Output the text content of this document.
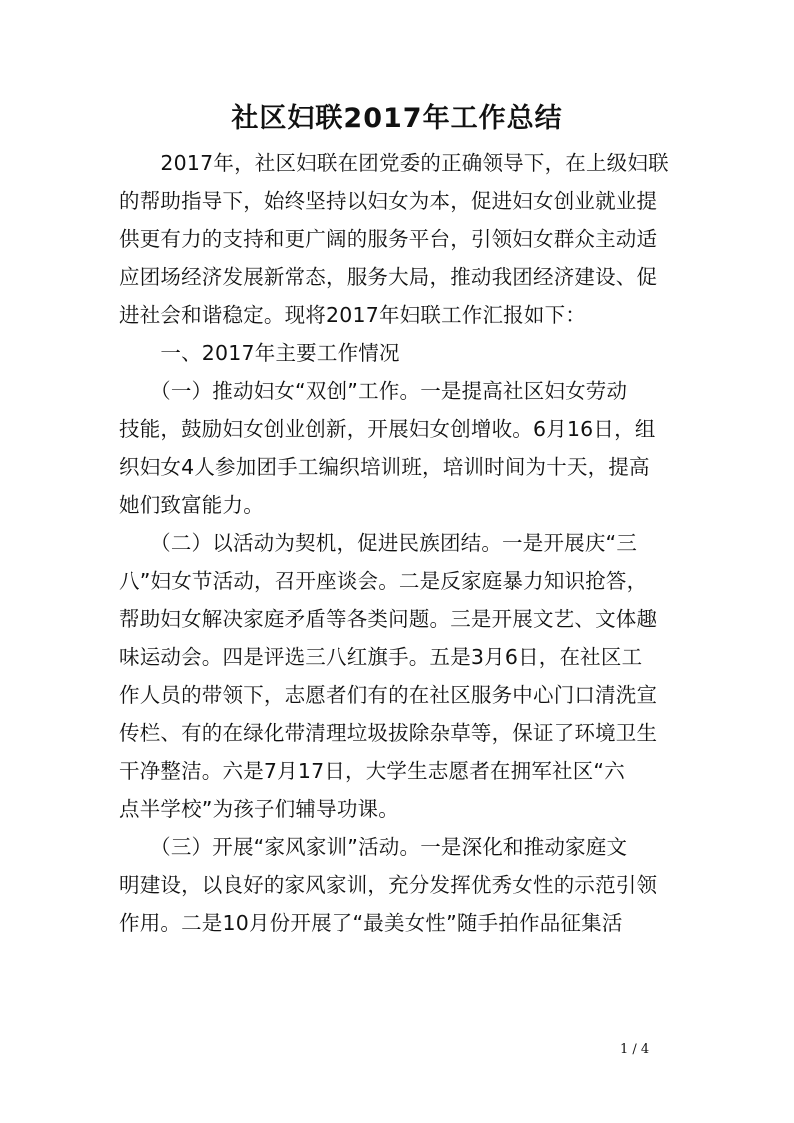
社区妇联2017年工作总结
　　2017年，社区妇联在团党委的正确领导下，在上级妇联
的帮助指导下，始终坚持以妇女为本，促进妇女创业就业提
供更有力的支持和更广阔的服务平台，引领妇女群众主动适
应团场经济发展新常态，服务大局，推动我团经济建设、促
进社会和谐稳定。现将2017年妇联工作汇报如下：
　　一、2017年主要工作情况
　　（一）推动妇女“双创”工作。一是提高社区妇女劳动
技能，鼓励妇女创业创新，开展妇女创增收。6月16日，组
织妇女4人参加团手工编织培训班，培训时间为十天，提高
她们致富能力。
　　（二）以活动为契机，促进民族团结。一是开展庆“三
八”妇女节活动，召开座谈会。二是反家庭暴力知识抢答，
帮助妇女解决家庭矛盾等各类问题。三是开展文艺、文体趣
味运动会。四是评选三八红旗手。五是3月6日，在社区工
作人员的带领下，志愿者们有的在社区服务中心门口清洗宣
传栏、有的在绿化带清理垃圾拔除杂草等，保证了环境卫生
干净整洁。六是7月17日，大学生志愿者在拥军社区“六
点半学校”为孩子们辅导功课。
　　（三）开展“家风家训”活动。一是深化和推动家庭文
明建设，以良好的家风家训，充分发挥优秀女性的示范引领
作用。二是10月份开展了“最美女性”随手拍作品征集活
1 / 4
